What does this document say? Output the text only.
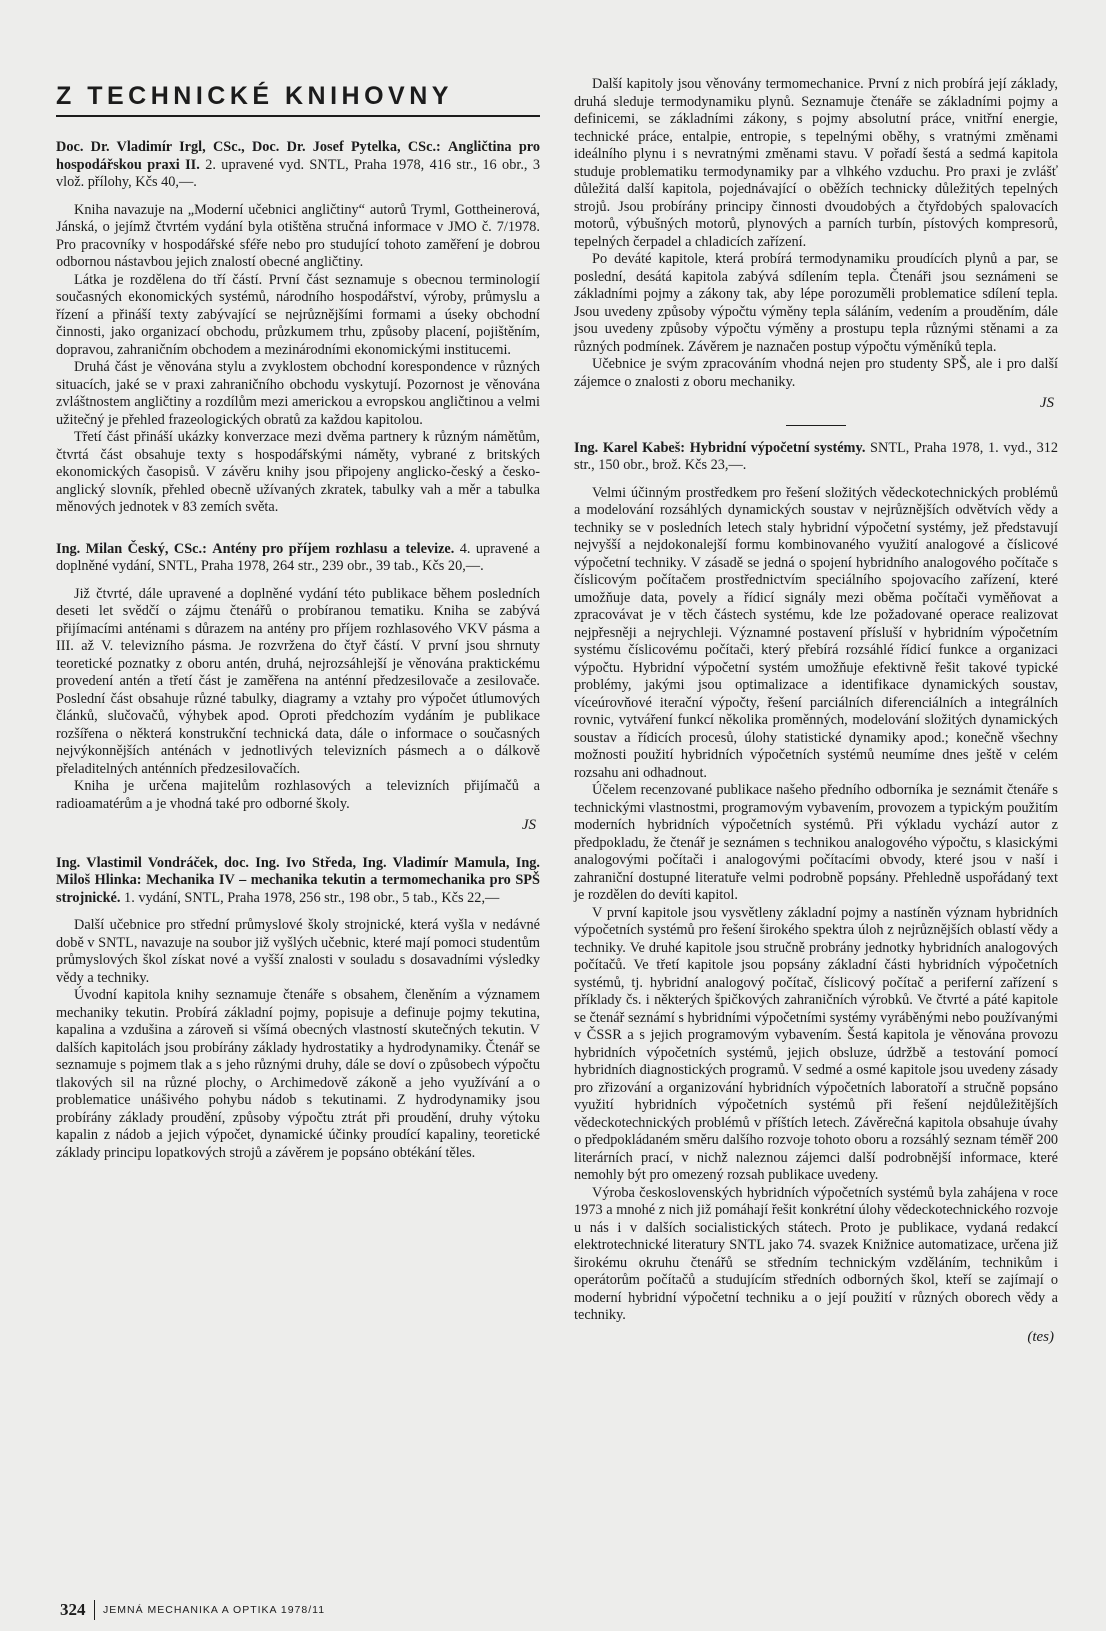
Z TECHNICKÉ KNIHOVNY
Doc. Dr. Vladimír Irgl, CSc., Doc. Dr. Josef Pytelka, CSc.: Angličtina pro hospodářskou praxi II. 2. upravené vyd. SNTL, Praha 1978, 416 str., 16 obr., 3 vlož. přílohy, Kčs 40,—.

Kniha navazuje na „Moderní učebnici angličtiny“ autorů Tryml, Gottheinerová, Jánská, o jejímž čtvrtém vydání byla otištěna stručná informace v JMO č. 7/1978. Pro pracovníky v hospodářské sféře nebo pro studující tohoto zaměření je dobrou odbornou nástavbou jejich znalostí obecné angličtiny.

Látka je rozdělena do tří částí. První část seznamuje s obecnou terminologií současných ekonomických systémů, národního hospodářství, výroby, průmyslu a řízení a přináší texty zabývající se nejrůznějšími formami a úseky obchodní činnosti, jako organizací obchodu, průzkumem trhu, způsoby placení, pojištěním, dopravou, zahraničním obchodem a mezinárodními ekonomickými institucemi.

Druhá část je věnována stylu a zvyklostem obchodní korespondence v různých situacích, jaké se v praxi zahraničního obchodu vyskytují. Pozornost je věnována zvláštnostem angličtiny a rozdílům mezi americkou a evropskou angličtinou a velmi užitečný je přehled frazeologických obratů za každou kapitolou.

Třetí část přináší ukázky konverzace mezi dvěma partnery k různým námětům, čtvrtá část obsahuje texty s hospodářskými náměty, vybrané z britských ekonomických časopisů. V závěru knihy jsou připojeny anglicko-český a česko-anglický slovník, přehled obecně užívaných zkratek, tabulky vah a měr a tabulka měnových jednotek v 83 zemích světa.

Ing. Milan Český, CSc.: Antény pro příjem rozhlasu a televize. 4. upravené a doplněné vydání, SNTL, Praha 1978, 264 str., 239 obr., 39 tab., Kčs 20,—.

Již čtvrté, dále upravené a doplněné vydání této publikace během posledních deseti let svědčí o zájmu čtenářů o probíranou tematiku. Kniha se zabývá přijímacími anténami s důrazem na antény pro příjem rozhlasového VKV pásma a III. až V. televizního pásma. Je rozvržena do čtyř částí. V první jsou shrnuty teoretické poznatky z oboru antén, druhá, nejrozsáhlejší je věnována praktickému provedení antén a třetí část je zaměřena na anténní předzesilovače a zesilovače. Poslední část obsahuje různé tabulky, diagramy a vztahy pro výpočet útlumových článků, slučovačů, výhybek apod. Oproti předchozím vydáním je publikace rozšířena o některá konstrukční technická data, dále o informace o současných nejvýkonnějších anténách v jednotlivých televizních pásmech a o dálkově přeladitelných anténních předzesilovačích.

Kniha je určena majitelům rozhlasových a televizních přijímačů a radioamatérům a je vhodná také pro odborné školy.

JS
Ing. Vlastimil Vondráček, doc. Ing. Ivo Středa, Ing. Vladimír Mamula, Ing. Miloš Hlinka: Mechanika IV – mechanika tekutin a termomechanika pro SPŠ strojnické. 1. vydání, SNTL, Praha 1978, 256 str., 198 obr., 5 tab., Kčs 22,—

Další učebnice pro střední průmyslové školy strojnické, která vyšla v nedávné době v SNTL, navazuje na soubor již vyšlých učebnic, které mají pomoci studentům průmyslových škol získat nové a vyšší znalosti v souladu s dosavadními výsledky vědy a techniky.

Úvodní kapitola knihy seznamuje čtenáře s obsahem, členěním a významem mechaniky tekutin. Probírá základní pojmy, popisuje a definuje pojmy tekutina, kapalina a vzdušina a zároveň si všímá obecných vlastností skutečných tekutin. V dalších kapitolách jsou probírány základy hydrostatiky a hydrodynamiky. Čtenář se seznamuje s pojmem tlak a s jeho různými druhy, dále se doví o způsobech výpočtu tlakových sil na různé plochy, o Archimedově zákoně a jeho využívání a o problematice unášivého pohybu nádob s tekutinami. Z hydrodynamiky jsou probírány základy proudění, způsoby výpočtu ztrát při proudění, druhy výtoku kapalin z nádob a jejich výpočet, dynamické účinky proudící kapaliny, teoretické základy principu lopatkových strojů a závěrem je popsáno obtékání těles.

Další kapitoly jsou věnovány termomechanice. První z nich probírá její základy, druhá sleduje termodynamiku plynů. Seznamuje čtenáře se základními pojmy a definicemi, se základními zákony, s pojmy absolutní práce, vnitřní energie, technické práce, entalpie, entropie, s tepelnými oběhy, s vratnými změnami ideálního plynu i s nevratnými změnami stavu. V pořadí šestá a sedmá kapitola studuje problematiku termodynamiky par a vlhkého vzduchu. Pro praxi je zvlášť důležitá další kapitola, pojednávající o oběžích technicky důležitých tepelných strojů. Jsou probírány principy činnosti dvoudobých a čtyřdobých spalovacích motorů, výbušných motorů, plynových a parních turbín, pístových kompresorů, tepelných čerpadel a chladicích zařízení.

Po deváté kapitole, která probírá termodynamiku proudících plynů a par, se poslední, desátá kapitola zabývá sdílením tepla. Čtenáři jsou seznámeni se základními pojmy a zákony tak, aby lépe porozuměli problematice sdílení tepla. Jsou uvedeny způsoby výpočtu výměny tepla sáláním, vedením a prouděním, dále jsou uvedeny způsoby výpočtu výměny a prostupu tepla různými stěnami a za různých podmínek. Závěrem je naznačen postup výpočtu výměníků tepla.

Učebnice je svým zpracováním vhodná nejen pro studenty SPŠ, ale i pro další zájemce o znalosti z oboru mechaniky.

JS
Ing. Karel Kabeš: Hybridní výpočetní systémy. SNTL, Praha 1978, 1. vyd., 312 str., 150 obr., brož. Kčs 23,—.

Velmi účinným prostředkem pro řešení složitých vědeckotechnických problémů a modelování rozsáhlých dynamických soustav v nejrůznějších odvětvích vědy a techniky se v posledních letech staly hybridní výpočetní systémy, jež představují nejvyšší a nejdokonalejší formu kombinovaného využití analogové a číslicové výpočetní techniky. V zásadě se jedná o spojení hybridního analogového počítače s číslicovým počítačem prostřednictvím speciálního spojovacího zařízení, které umožňuje data, povely a řídicí signály mezi oběma počítači vyměňovat a zpracovávat je v těch částech systému, kde lze požadované operace realizovat nejpřesněji a nejrychleji. Významné postavení přísluší v hybridním výpočetním systému číslicovému počítači, který přebírá rozsáhlé řídicí funkce a organizaci výpočtu. Hybridní výpočetní systém umožňuje efektivně řešit takové typické problémy, jakými jsou optimalizace a identifikace dynamických soustav, víceúrovňové iterační výpočty, řešení parciálních diferenciálních a integrálních rovnic, vytváření funkcí několika proměnných, modelování složitých dynamických soustav a řídicích procesů, úlohy statistické dynamiky apod.; konečně všechny možnosti použití hybridních výpočetních systémů neumíme dnes ještě v celém rozsahu ani odhadnout.

Účelem recenzované publikace našeho předního odborníka je seznámit čtenáře s technickými vlastnostmi, programovým vybavením, provozem a typickým použitím moderních hybridních výpočetních systémů. Při výkladu vychází autor z předpokladu, že čtenář je seznámen s technikou analogového výpočtu, s klasickými analogovými počítači i analogovými počítacími obvody, které jsou v naší i zahraniční dostupné literatuře velmi podrobně popsány. Přehledně uspořádaný text je rozdělen do devíti kapitol.

V první kapitole jsou vysvětleny základní pojmy a nastíněn význam hybridních výpočetních systémů pro řešení širokého spektra úloh z nejrůznějších oblastí vědy a techniky. Ve druhé kapitole jsou stručně probrány jednotky hybridních analogových počítačů. Ve třetí kapitole jsou popsány základní části hybridních výpočetních systémů, tj. hybridní analogový počítač, číslicový počítač a periferní zařízení s příklady čs. i některých špičkových zahraničních výrobků. Ve čtvrté a páté kapitole se čtenář seznámí s hybridními výpočetními systémy vyráběnými nebo používanými v ČSSR a s jejich programovým vybavením. Šestá kapitola je věnována provozu hybridních výpočetních systémů, jejich obsluze, údržbě a testování pomocí hybridních diagnostických programů. V sedmé a osmé kapitole jsou uvedeny zásady pro zřizování a organizování hybridních výpočetních laboratoří a stručně popsáno využití hybridních výpočetních systémů při řešení nejdůležitějších vědeckotechnických problémů v příštích letech. Závěrečná kapitola obsahuje úvahy o předpokládaném směru dalšího rozvoje tohoto oboru a rozsáhlý seznam téměř 200 literárních prací, v nichž naleznou zájemci další podrobnější informace, které nemohly být pro omezený rozsah publikace uvedeny.

Výroba československých hybridních výpočetních systémů byla zahájena v roce 1973 a mnohé z nich již pomáhají řešit konkrétní úlohy vědeckotechnického rozvoje u nás i v dalších socialistických státech. Proto je publikace, vydaná redakcí elektrotechnické literatury SNTL jako 74. svazek Knižnice automatizace, určena již širokému okruhu čtenářů se středním technickým vzděláním, technikům i operátorům počítačů a studujícím středních odborných škol, kteří se zajímají o moderní hybridní výpočetní techniku a o její použití v různých oborech vědy a techniky.

(tes)
324 JEMNÁ MECHANIKA A OPTIKA 1978/11
